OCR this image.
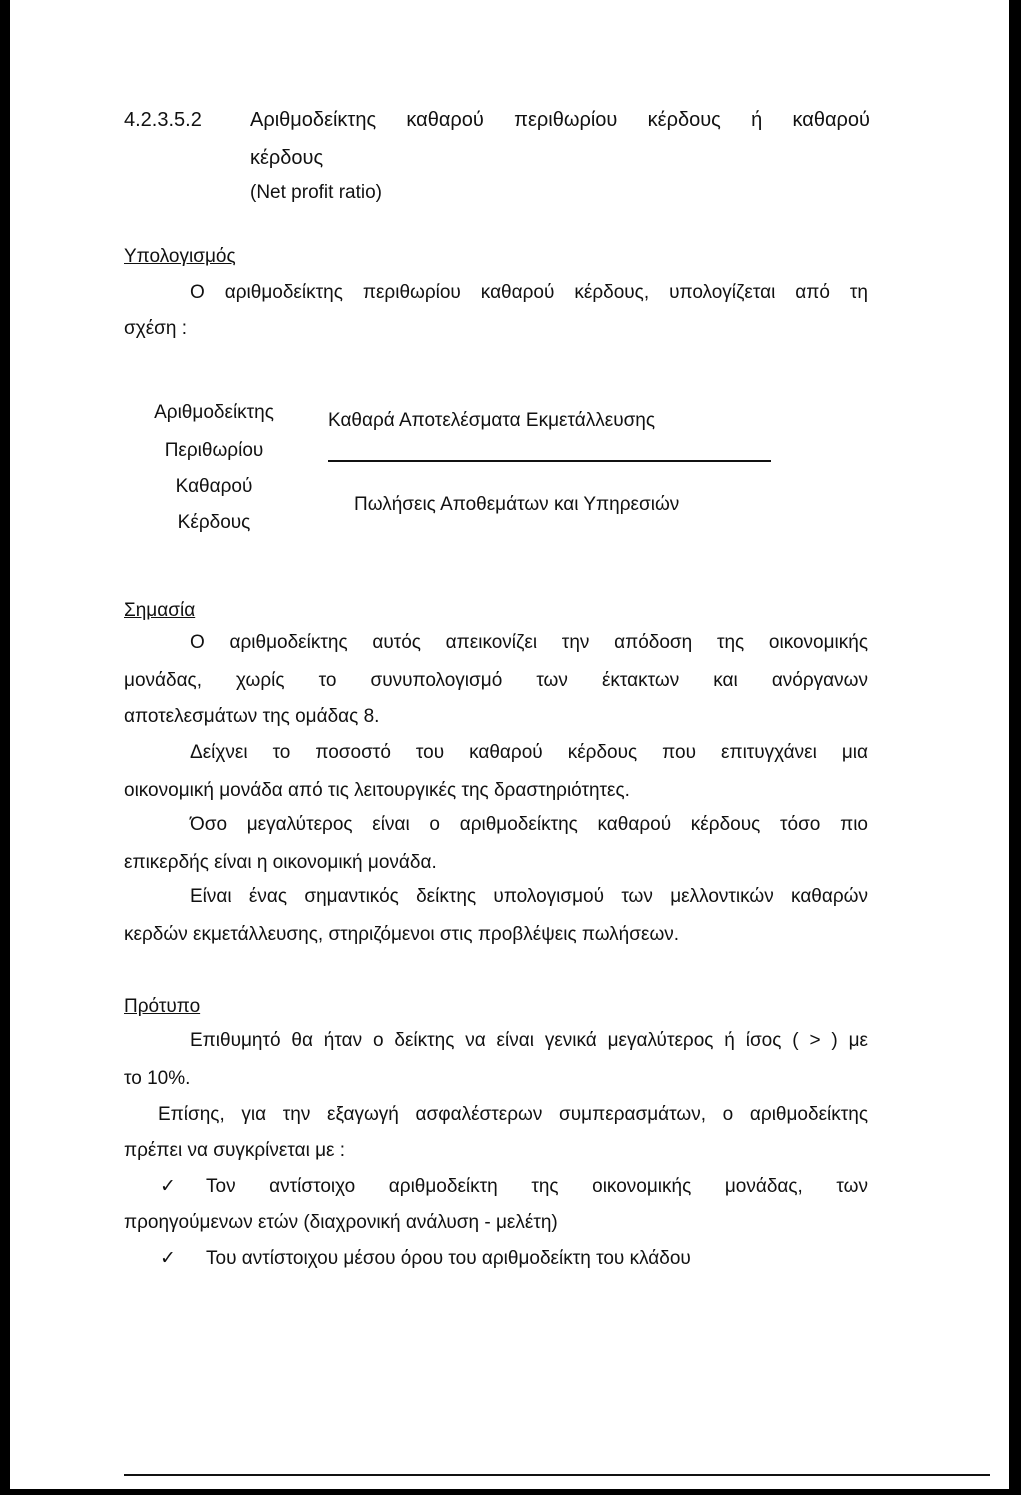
4.2.3.5.2 Αριθμοδείκτης καθαρού περιθωρίου κέρδους ή καθαρού
κέρδους
(Net profit ratio)
Υπολογισμός
Ο αριθμοδείκτης περιθωρίου καθαρού κέρδους, υπολογίζεται από τη
σχέση :
Αριθμοδείκτης
Περιθωρίου
Καθαρού
Κέρδους
Καθαρά Αποτελέσματα Εκμετάλλευσης
Πωλήσεις Αποθεμάτων και Υπηρεσιών
Σημασία
Ο αριθμοδείκτης αυτός απεικονίζει την απόδοση της οικονομικής
μονάδας, χωρίς το συνυπολογισμό των έκτακτων και ανόργανων
αποτελεσμάτων της ομάδας 8.
Δείχνει το ποσοστό του καθαρού κέρδους που επιτυγχάνει μια
οικονομική μονάδα από τις λειτουργικές της δραστηριότητες.
Όσο μεγαλύτερος είναι ο αριθμοδείκτης καθαρού κέρδους τόσο πιο
επικερδής είναι η οικονομική μονάδα.
Είναι ένας σημαντικός δείκτης υπολογισμού των μελλοντικών καθαρών
κερδών εκμετάλλευσης, στηριζόμενοι στις προβλέψεις πωλήσεων.
Πρότυπο
Επιθυμητό θα ήταν ο δείκτης να είναι γενικά μεγαλύτερος ή ίσος ( > ) με
το 10%.
Επίσης, για την εξαγωγή ασφαλέστερων συμπερασμάτων, ο αριθμοδείκτης
πρέπει να συγκρίνεται με :
✓ Τον αντίστοιχο αριθμοδείκτη της οικονομικής μονάδας, των
προηγούμενων ετών (διαχρονική ανάλυση - μελέτη)
✓ Του αντίστοιχου μέσου όρου του αριθμοδείκτη του κλάδου
